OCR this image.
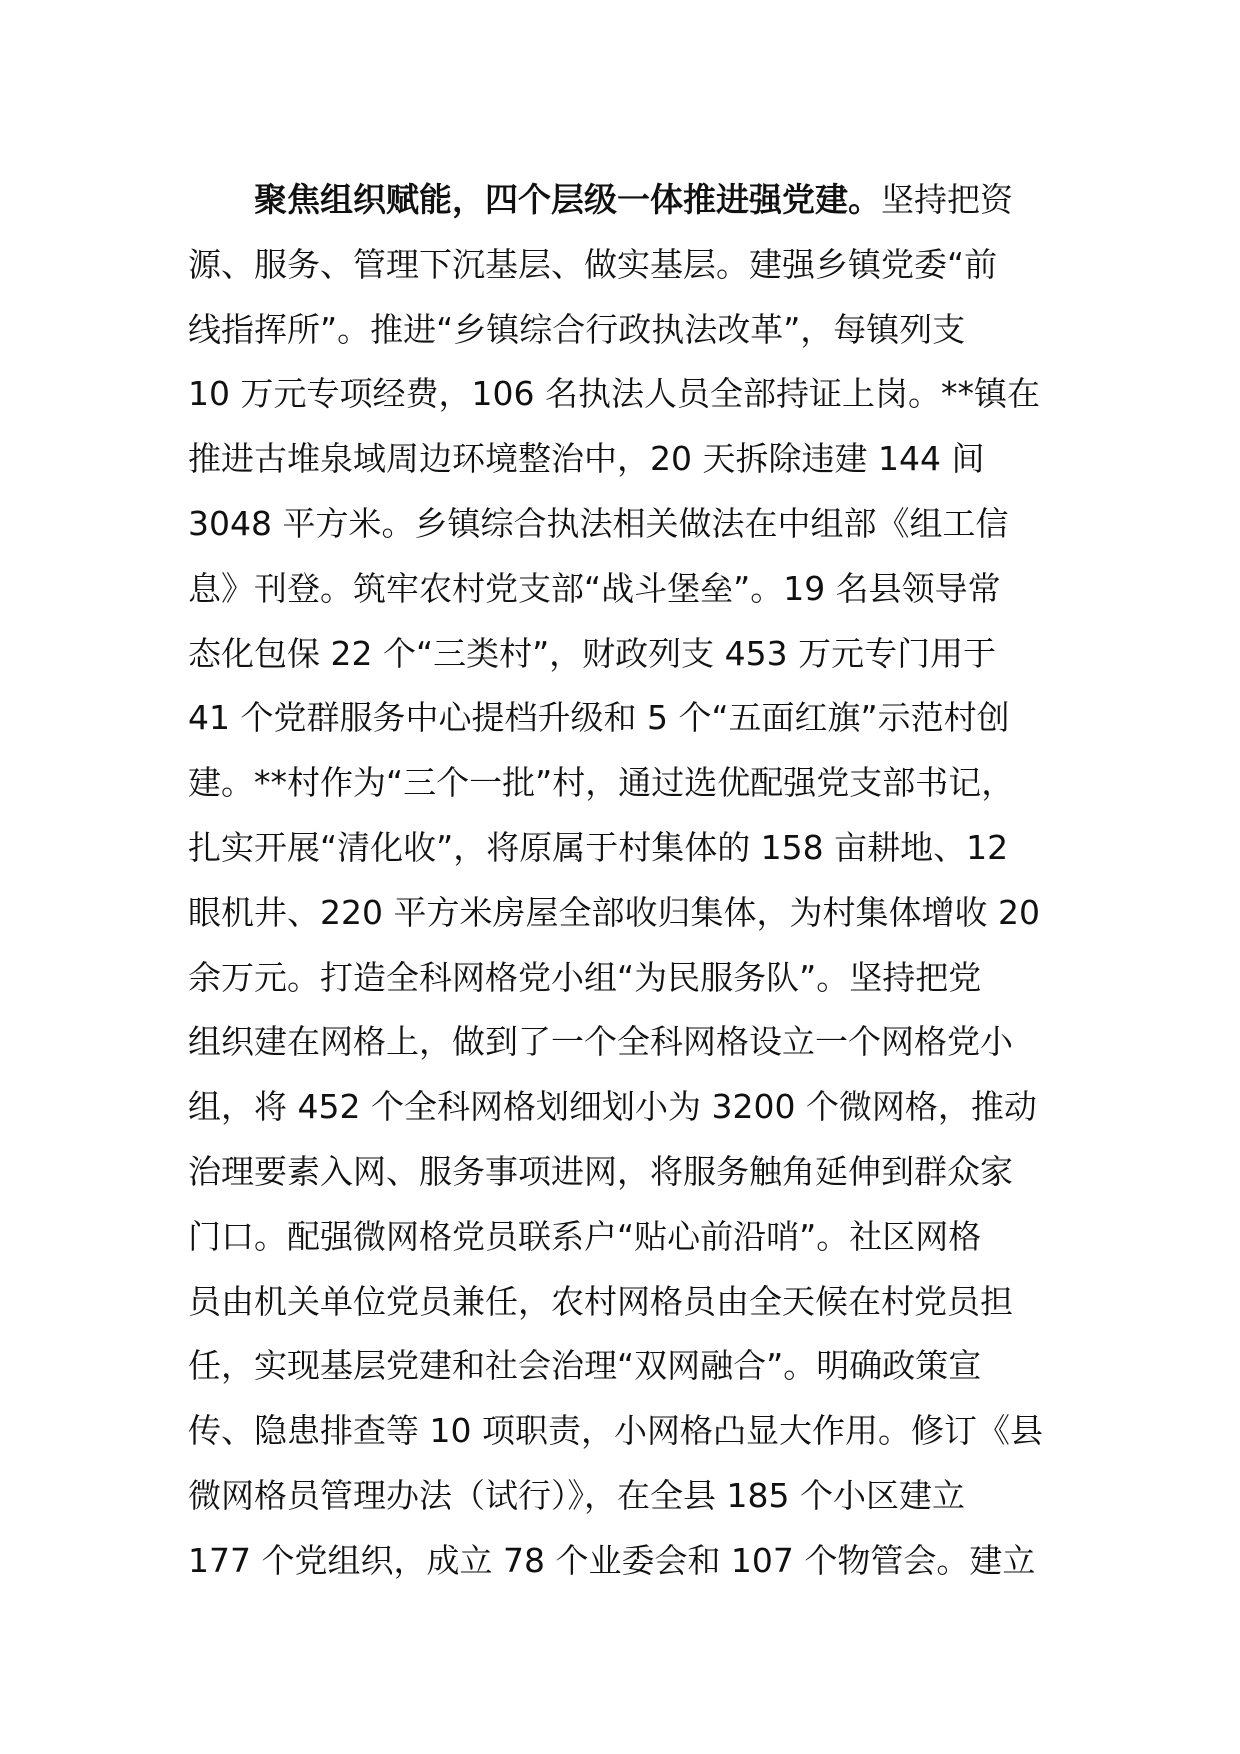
聚焦组织赋能，四个层级一体推进强党建。坚持把资
源、服务、管理下沉基层、做实基层。建强乡镇党委“前
线指挥所”。推进“乡镇综合行政执法改革”，每镇列支
10 万元专项经费，106 名执法人员全部持证上岗。**镇在
推进古堆泉域周边环境整治中，20 天拆除违建 144 间
3048 平方米。乡镇综合执法相关做法在中组部《组工信
息》刊登。筑牢农村党支部“战斗堡垒”。19 名县领导常
态化包保 22 个“三类村”，财政列支 453 万元专门用于
41 个党群服务中心提档升级和 5 个“五面红旗”示范村创
建。**村作为“三个一批”村，通过选优配强党支部书记，
扎实开展“清化收”，将原属于村集体的 158 亩耕地、12
眼机井、220 平方米房屋全部收归集体，为村集体增收 20
余万元。打造全科网格党小组“为民服务队”。坚持把党
组织建在网格上，做到了一个全科网格设立一个网格党小
组，将 452 个全科网格划细划小为 3200 个微网格，推动
治理要素入网、服务事项进网，将服务触角延伸到群众家
门口。配强微网格党员联系户“贴心前沿哨”。社区网格
员由机关单位党员兼任，农村网格员由全天候在村党员担
任，实现基层党建和社会治理“双网融合”。明确政策宣
传、隐患排查等 10 项职责，小网格凸显大作用。修订《县
微网格员管理办法（试行）》，在全县 185 个小区建立
177 个党组织，成立 78 个业委会和 107 个物管会。建立
